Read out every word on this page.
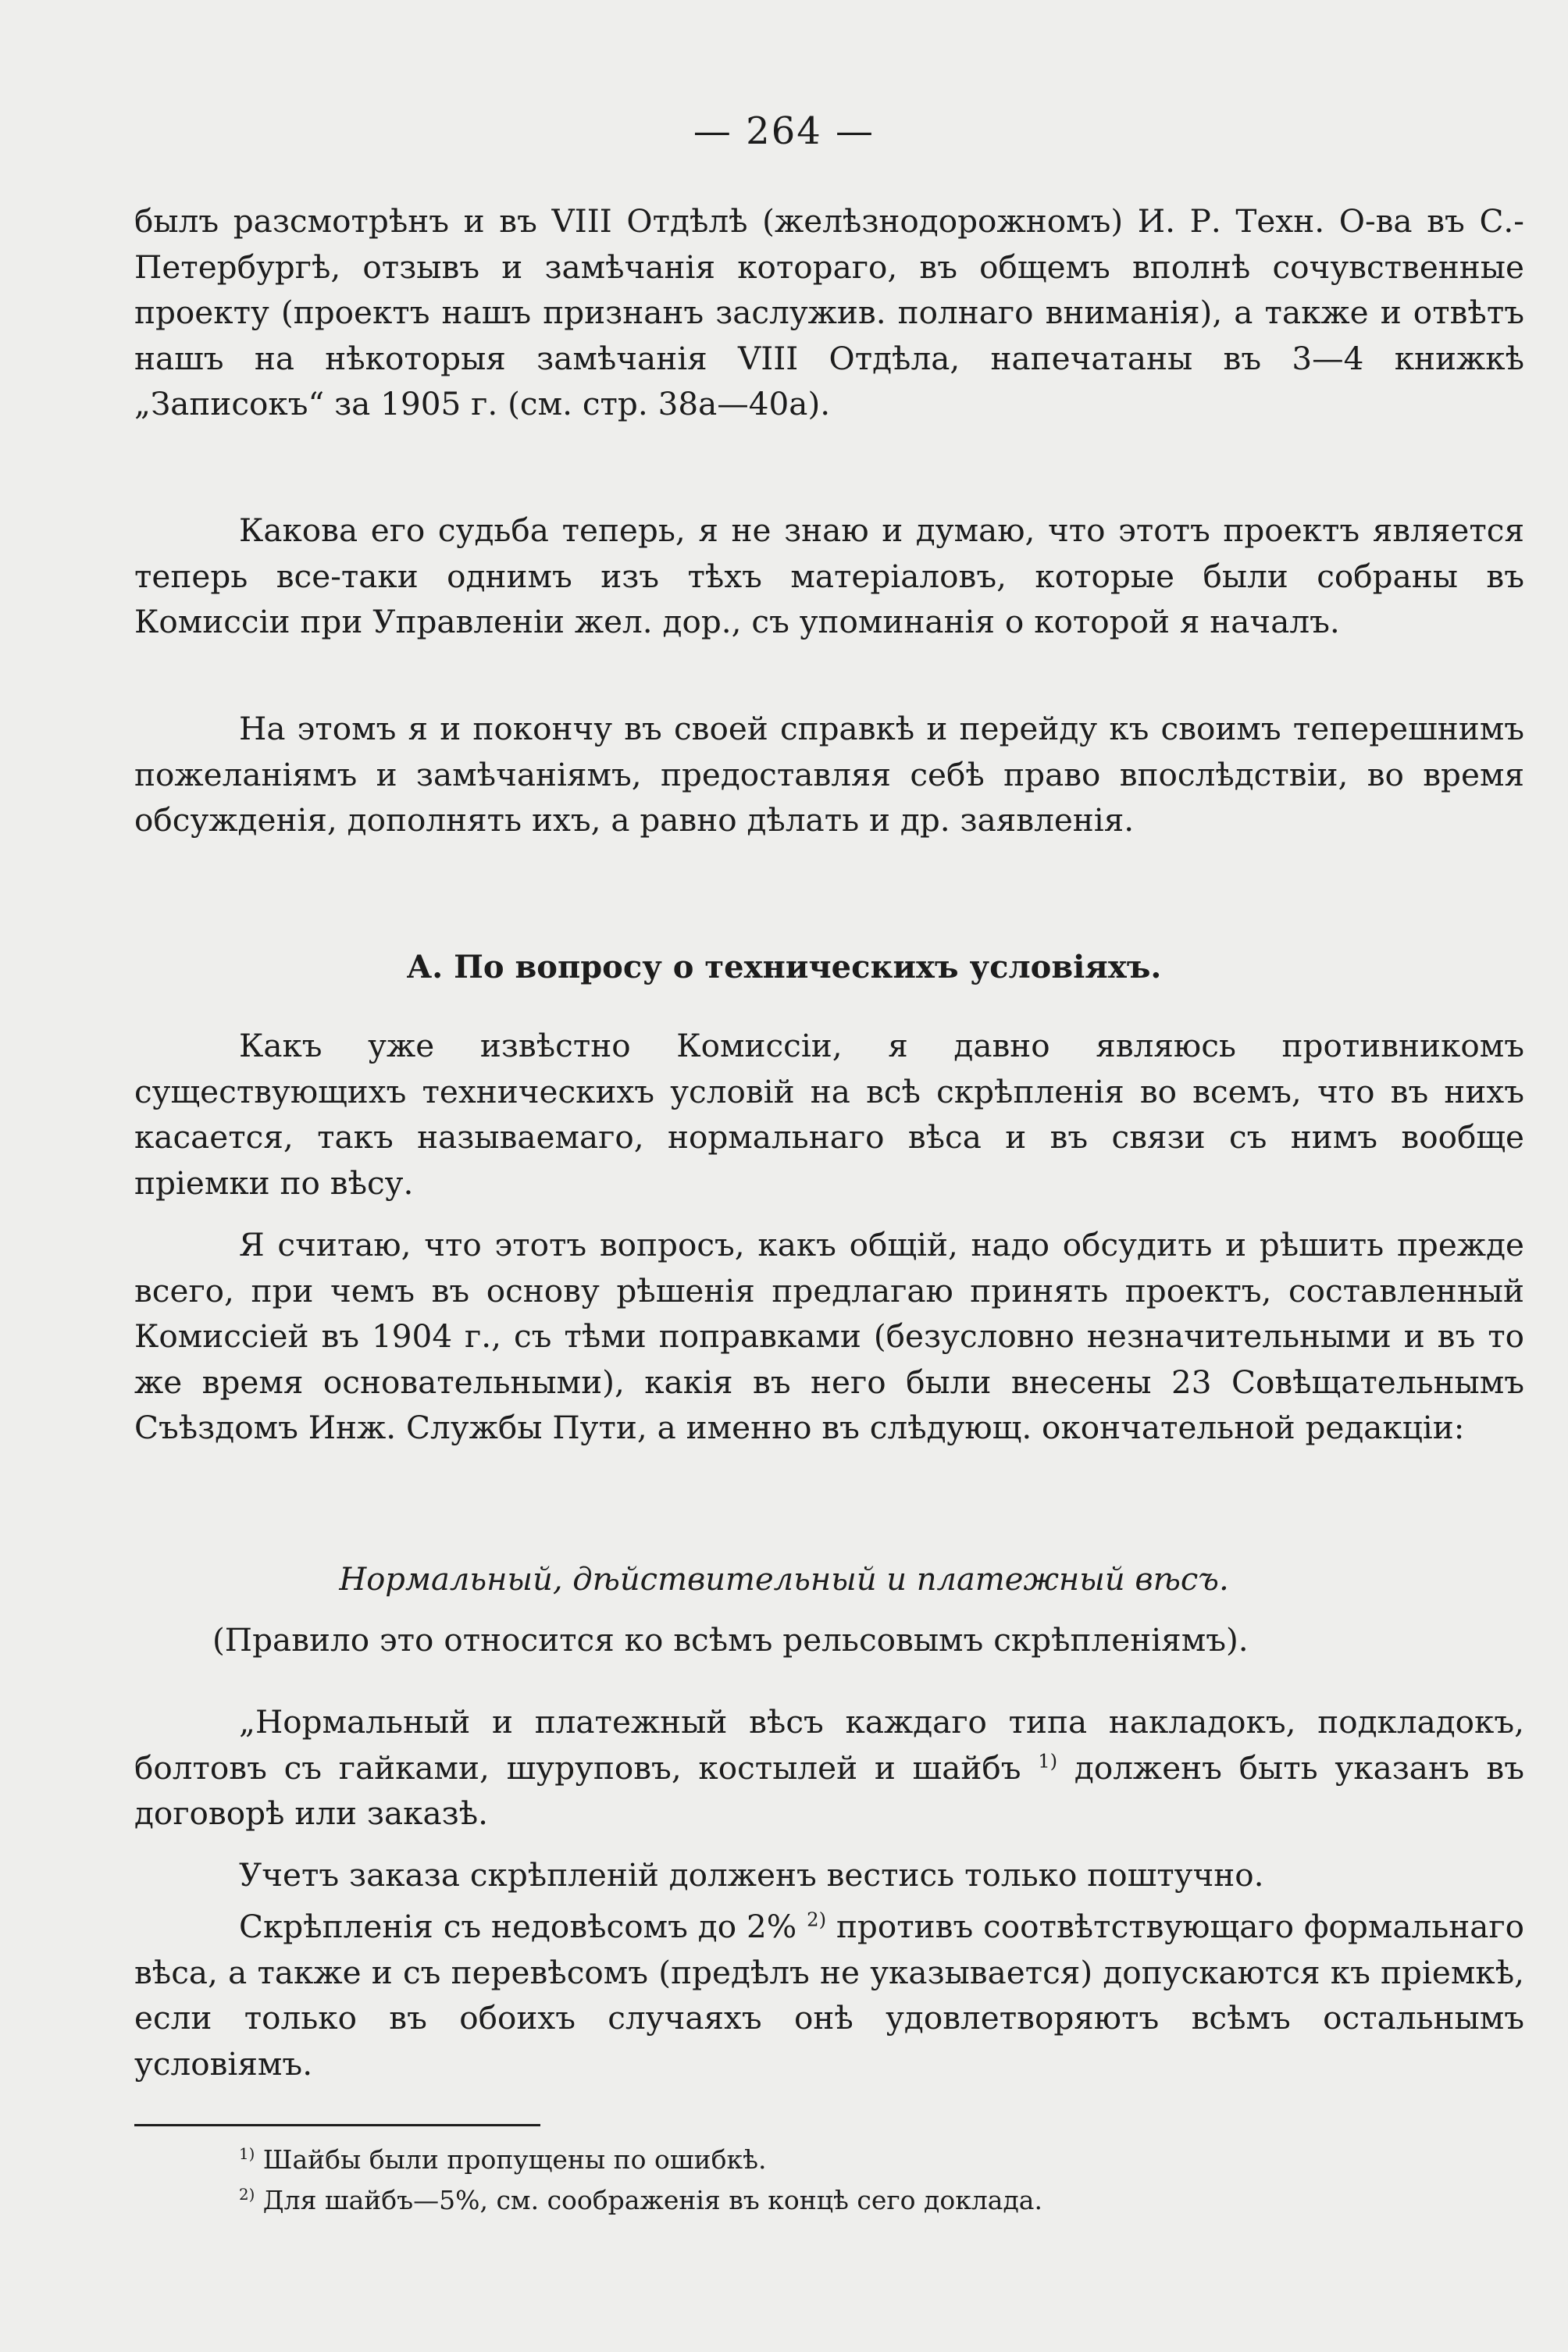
— 264 —

былъ разсмотрѣнъ и въ VIII Отдѣлѣ (желѣзнодорожномъ) И. Р. Техн. О-ва въ С.-Петербургѣ, отзывъ и замѣчанія котораго, въ общемъ вполнѣ сочувственные проекту (проектъ нашъ признанъ заслужив. полнаго вниманія), а также и отвѣтъ нашъ на нѣкоторыя замѣчанія VIII Отдѣла, напечатаны въ 3—4 книжкѣ „Записокъ“ за 1905 г. (см. стр. 38а—40а).

Какова его судьба теперь, я не знаю и думаю, что этотъ проектъ является теперь все-таки однимъ изъ тѣхъ матеріаловъ, которые были собраны въ Комиссіи при Управленіи жел. дор., съ упоминанія о которой я началъ.

На этомъ я и покончу въ своей справкѣ и перейду къ своимъ теперешнимъ пожеланіямъ и замѣчаніямъ, предоставляя себѣ право впослѣдствіи, во время обсужденія, дополнять ихъ, а равно дѣлать и др. заявленія.

А. По вопросу о техническихъ условіяхъ.

Какъ уже извѣстно Комиссіи, я давно являюсь противникомъ существующихъ техническихъ условій на всѣ скрѣпленія во всемъ, что въ нихъ касается, такъ называемаго, нормальнаго вѣса и въ связи съ нимъ вообще пріемки по вѣсу.

Я считаю, что этотъ вопросъ, какъ общій, надо обсудить и рѣшить прежде всего, при чемъ въ основу рѣшенія предлагаю принять проектъ, составленный Комиссіей въ 1904 г., съ тѣми поправками (безусловно незначительными и въ то же время основательными), какія въ него были внесены 23 Совѣщательнымъ Съѣздомъ Инж. Службы Пути, а именно въ слѣдующ. окончательной редакціи:

Нормальный, дѣйствительный и платежный вѣсъ.
(Правило это относится ко всѣмъ рельсовымъ скрѣпленіямъ).

„Нормальный и платежный вѣсъ каждаго типа накладокъ, подкладокъ, болтовъ съ гайками, шуруповъ, костылей и шайбъ $^{1)}$ долженъ быть указанъ въ договорѣ или заказѣ.

Учетъ заказа скрѣпленій долженъ вестись только поштучно.

Скрѣпленія съ недовѣсомъ до 2% $^{2)}$ противъ соотвѣтствующаго формальнаго вѣса, а также и съ перевѣсомъ (предѣлъ не указывается) допускаются къ пріемкѣ, если только въ обоихъ случаяхъ онѣ удовлетворяютъ всѣмъ остальнымъ условіямъ.

$^{1)}$ Шайбы были пропущены по ошибкѣ.
$^{2)}$ Для шайбъ—5%, см. соображенія въ концѣ сего доклада.
